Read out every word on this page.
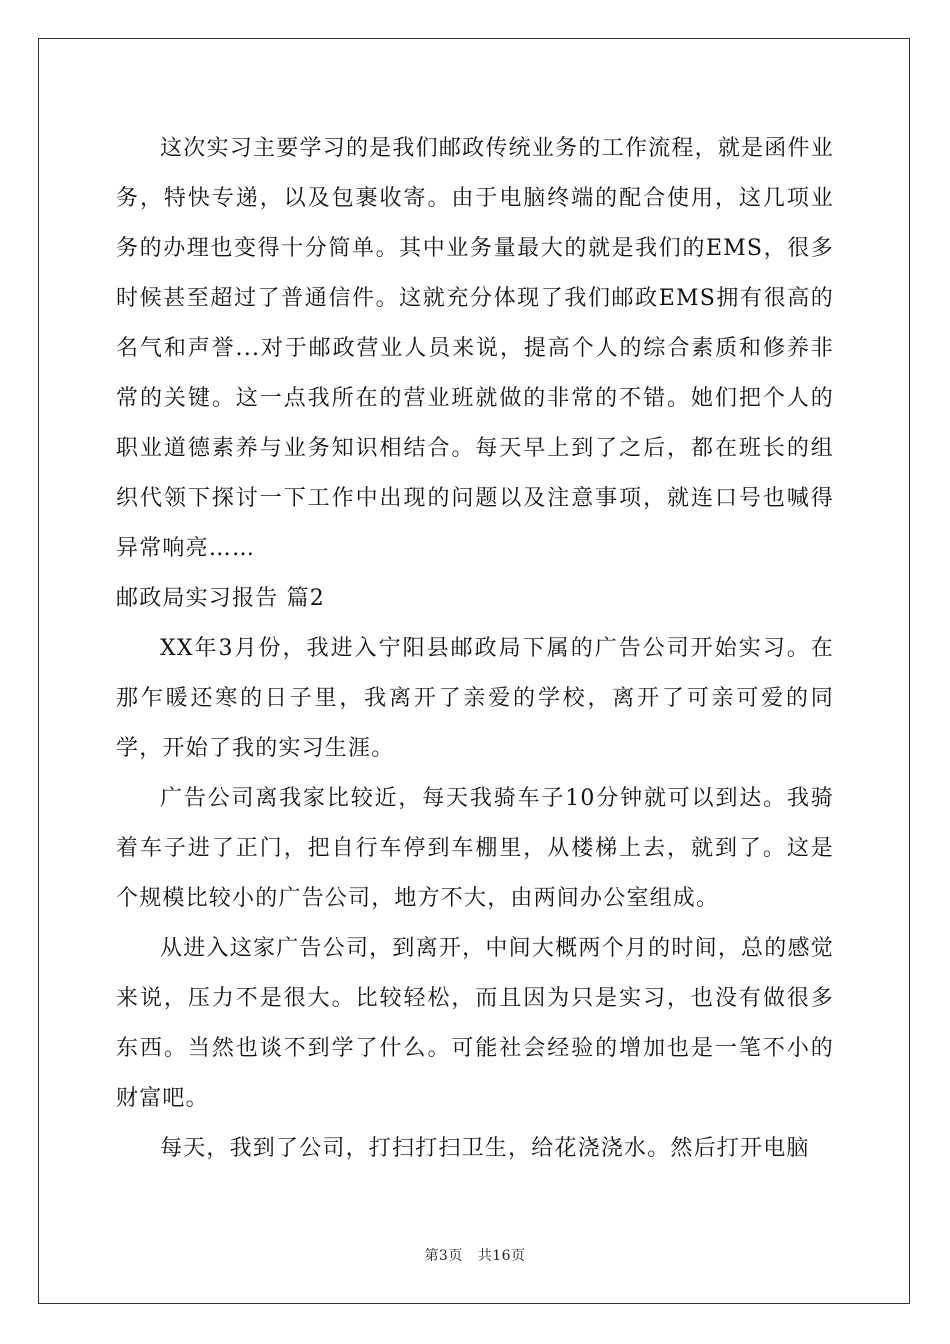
这次实习主要学习的是我们邮政传统业务的工作流程，就是函件业务，特快专递，以及包裹收寄。由于电脑终端的配合使用，这几项业务的办理也变得十分简单。其中业务量最大的就是我们的EMS，很多时候甚至超过了普通信件。这就充分体现了我们邮政EMS拥有很高的名气和声誉...对于邮政营业人员来说，提高个人的综合素质和修养非常的关键。这一点我所在的营业班就做的非常的不错。她们把个人的职业道德素养与业务知识相结合。每天早上到了之后，都在班长的组织代领下探讨一下工作中出现的问题以及注意事项，就连口号也喊得异常响亮……

邮政局实习报告 篇2

XX年3月份，我进入宁阳县邮政局下属的广告公司开始实习。在那乍暖还寒的日子里，我离开了亲爱的学校，离开了可亲可爱的同学，开始了我的实习生涯。

广告公司离我家比较近，每天我骑车子10分钟就可以到达。我骑着车子进了正门，把自行车停到车棚里，从楼梯上去，就到了。这是个规模比较小的广告公司，地方不大，由两间办公室组成。

从进入这家广告公司，到离开，中间大概两个月的时间，总的感觉来说，压力不是很大。比较轻松，而且因为只是实习，也没有做很多东西。当然也谈不到学了什么。可能社会经验的增加也是一笔不小的财富吧。

每天，我到了公司，打扫打扫卫生，给花浇浇水。然后打开电脑

第3页 共16页
